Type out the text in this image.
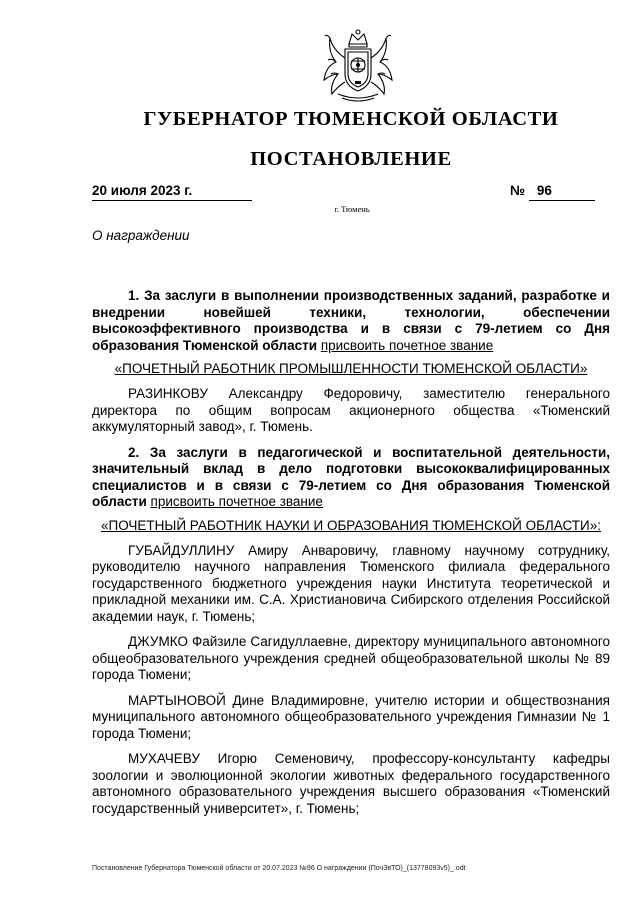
ГУБЕРНАТОР ТЮМЕНСКОЙ ОБЛАСТИ
ПОСТАНОВЛЕНИЕ
20 июля 2023 г.	№ 96
г. Тюмень
О награждении

1. За заслуги в выполнении производственных заданий, разработке и внедрении новейшей техники, технологии, обеспечении высокоэффективного производства и в связи с 79-летием со Дня образования Тюменской области присвоить почетное звание

«ПОЧЕТНЫЙ РАБОТНИК ПРОМЫШЛЕННОСТИ ТЮМЕНСКОЙ ОБЛАСТИ»

РАЗИНКОВУ Александру Федоровичу, заместителю генерального директора по общим вопросам акционерного общества «Тюменский аккумуляторный завод», г. Тюмень.

2. За заслуги в педагогической и воспитательной деятельности, значительный вклад в дело подготовки высококвалифицированных специалистов и в связи с 79-летием со Дня образования Тюменской области присвоить почетное звание

«ПОЧЕТНЫЙ РАБОТНИК НАУКИ И ОБРАЗОВАНИЯ ТЮМЕНСКОЙ ОБЛАСТИ»:

ГУБАЙДУЛЛИНУ Амиру Анваровичу, главному научному сотруднику, руководителю научного направления Тюменского филиала федерального государственного бюджетного учреждения науки Института теоретической и прикладной механики им. С.А. Христиановича Сибирского отделения Российской академии наук, г. Тюмень;

ДЖУМКО Файзиле Сагидуллаевне, директору муниципального автономного общеобразовательного учреждения средней общеобразовательной школы № 89 города Тюмени;

МАРТЫНОВОЙ Дине Владимировне, учителю истории и обществознания муниципального автономного общеобразовательного учреждения Гимназии № 1 города Тюмени;

МУХАЧЕВУ Игорю Семеновичу, профессору-консультанту кафедры зоологии и эволюционной экологии животных федерального государственного автономного образовательного учреждения высшего образования «Тюменский государственный университет», г. Тюмень;

Постановление Губернатора Тюменской области от 20.07.2023 №96 О награждении (ПочЗвТО)_(13778093v5)_.odt
